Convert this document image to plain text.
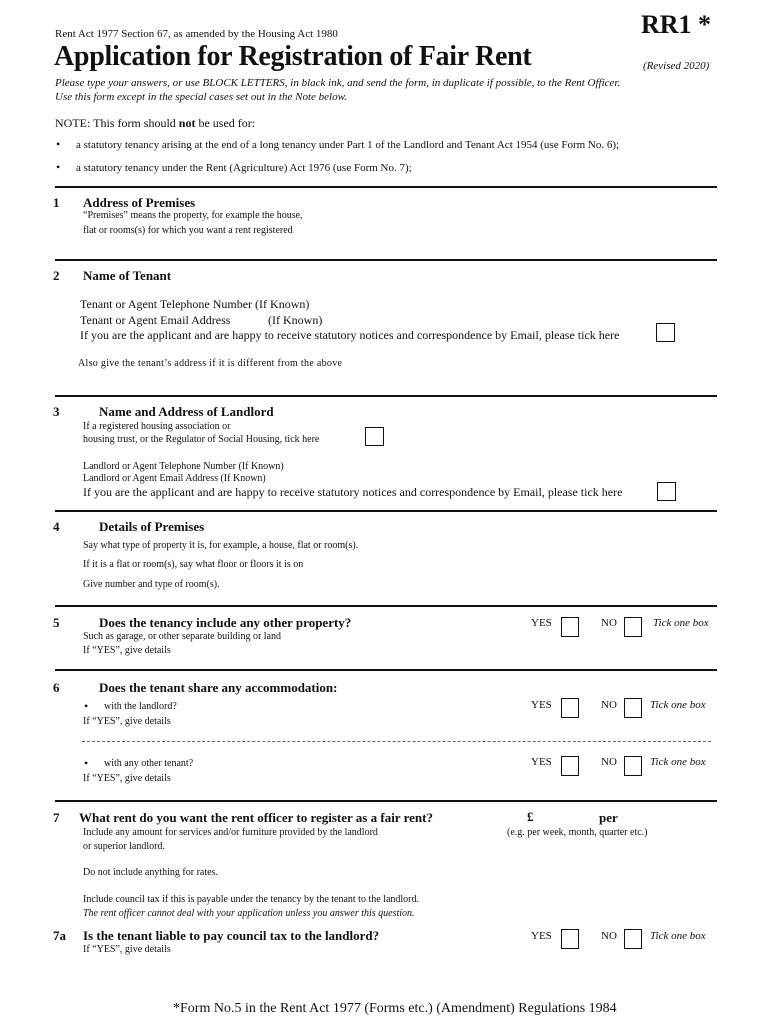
Rent Act 1977 Section 67, as amended by the Housing Act 1980	RR1 *
(Revised 2020)
Application for Registration of Fair Rent
Please type your answers, or use BLOCK LETTERS, in black ink, and send the form, in duplicate if possible, to the Rent Officer.
Use this form except in the special cases set out in the Note below.
NOTE: This form should not be used for:
• a statutory tenancy arising at the end of a long tenancy under Part 1 of the Landlord and Tenant Act 1954 (use Form No. 6);
• a statutory tenancy under the Rent (Agriculture) Act 1976 (use Form No. 7);
1 Address of Premises
“Premises” means the property, for example the house,
flat or rooms(s) for which you want a rent registered
2 Name of Tenant
Tenant or Agent Telephone Number (If Known)
Tenant or Agent Email Address	(If Known)
If you are the applicant and are happy to receive statutory notices and correspondence by Email, please tick here
Also give the tenant’s address if it is different from the above
3	Name and Address of Landlord
If a registered housing association or
housing trust, or the Regulator of Social Housing, tick here
Landlord or Agent Telephone Number (If Known)
Landlord or Agent Email Address (If Known)
If you are the applicant and are happy to receive statutory notices and correspondence by Email, please tick here
4	Details of Premises
Say what type of property it is, for example, a house, flat or room(s).
If it is a flat or room(s), say what floor or floors it is on
Give number and type of room(s).
5	Does the tenancy include any other property?
Such as garage, or other separate building or land
If “YES”, give details
YES	NO	Tick one box
6	Does the tenant share any accommodation:
• with the landlord?
If “YES”, give details
YES	NO	Tick one box
• with any other tenant?
If “YES”, give details
YES	NO	Tick one box
7 What rent do you want the rent officer to register as a fair rent?	£	per
(e.g. per week, month, quarter etc.)
Include any amount for services and/or furniture provided by the landlord
or superior landlord.
Do not include anything for rates.
Include council tax if this is payable under the tenancy by the tenant to the landlord.
The rent officer cannot deal with your application unless you answer this question.
7a Is the tenant liable to pay council tax to the landlord?
If “YES”, give details
YES	NO	Tick one box
*Form No.5 in the Rent Act 1977 (Forms etc.) (Amendment) Regulations 1984
